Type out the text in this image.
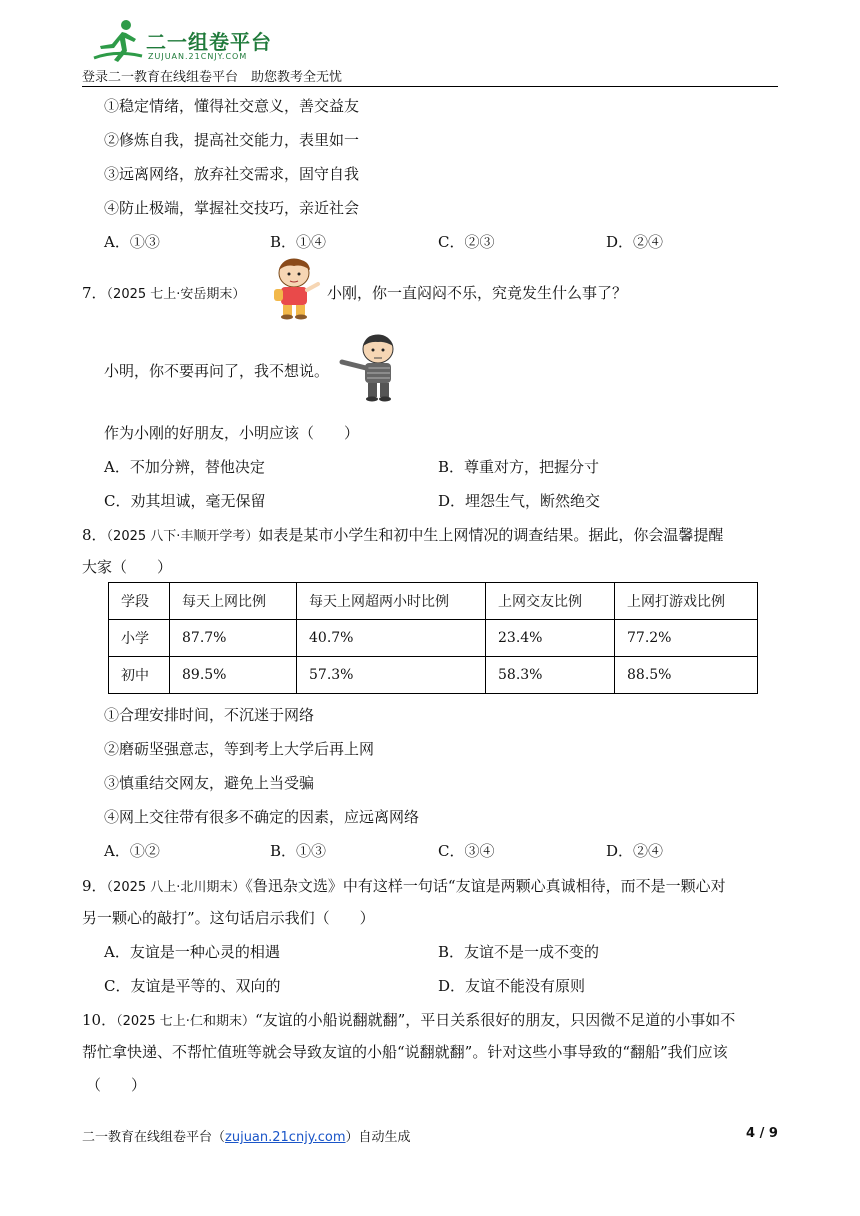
二一组卷平台
ZUJUAN.21CNJY.COM
登录二一教育在线组卷平台　助您教考全无忧
①稳定情绪，懂得社交意义，善交益友
②修炼自我，提高社交能力，表里如一
③远离网络，放弃社交需求，固守自我
④防止极端，掌握社交技巧，亲近社会
A．①③	B．①④	C．②③	D．②④
7．（2025 七上·安岳期末）	小刚，你一直闷闷不乐，究竟发生什么事了？
小明，你不要再问了，我不想说。
作为小刚的好朋友，小明应该（　　）
A．不加分辨，替他决定	B．尊重对方，把握分寸
C．劝其坦诚，毫无保留	D．埋怨生气，断然绝交
8．（2025 八下·丰顺开学考）如表是某市小学生和初中生上网情况的调查结果。据此，你会温馨提醒
大家（　　）
学段	每天上网比例	每天上网超两小时比例	上网交友比例	上网打游戏比例
小学	87.7%	40.7%	23.4%	77.2%
初中	89.5%	57.3%	58.3%	88.5%
①合理安排时间，不沉迷于网络
②磨砺坚强意志，等到考上大学后再上网
③慎重结交网友，避免上当受骗
④网上交往带有很多不确定的因素，应远离网络
A．①②	B．①③	C．③④	D．②④
9．（2025 八上·北川期末）《鲁迅杂文选》中有这样一句话“友谊是两颗心真诚相待，而不是一颗心对
另一颗心的敲打”。这句话启示我们（　　）
A．友谊是一种心灵的相遇	B．友谊不是一成不变的
C．友谊是平等的、双向的	D．友谊不能没有原则
10．（2025 七上·仁和期末）“友谊的小船说翻就翻”，平日关系很好的朋友，只因微不足道的小事如不
帮忙拿快递、不帮忙值班等就会导致友谊的小船“说翻就翻”。针对这些小事导致的“翻船”我们应该
（　　）
二一教育在线组卷平台（zujuan.21cnjy.com）自动生成	4 / 9
